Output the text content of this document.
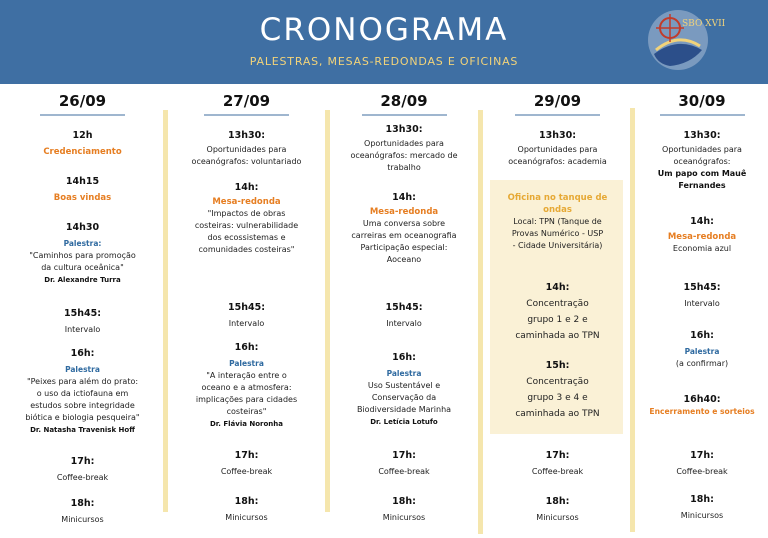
CRONOGRAMA
PALESTRAS, MESAS-REDONDAS E OFICINAS
SBO XVII
26/09
12h
Credenciamento
14h15
Boas vindas
14h30
Palestra:
"Caminhos para promoção
da cultura oceânica"
Dr. Alexandre Turra
15h45:
Intervalo
16h:
Palestra
"Peixes para além do prato:
o uso da ictiofauna em
estudos sobre integridade
biótica e biologia pesqueira"
Dr. Natasha Travenisk Hoff
17h:
Coffee-break
18h:
Minicursos
27/09
13h30:
Oportunidades para
oceanógrafos: voluntariado
14h:
Mesa-redonda
"Impactos de obras
costeiras: vulnerabilidade
dos ecossistemas e
comunidades costeiras"
15h45:
Intervalo
16h:
Palestra
"A interação entre o
oceano e a atmosfera:
implicações para cidades
costeiras"
Dr. Flávia Noronha
17h:
Coffee-break
18h:
Minicursos
28/09
13h30:
Oportunidades para
oceanógrafos: mercado de
trabalho
14h:
Mesa-redonda
Uma conversa sobre
carreiras em oceanografia
Participação especial:
Aoceano
15h45:
Intervalo
16h:
Palestra
Uso Sustentável e
Conservação da
Biodiversidade Marinha
Dr. Letícia Lotufo
17h:
Coffee-break
18h:
Minicursos
29/09
13h30:
Oportunidades para
oceanógrafos: academia
Oficina no tanque de
ondas
Local: TPN (Tanque de
Provas Numérico - USP
- Cidade Universitária)
14h:
Concentração
grupo 1 e 2 e
caminhada ao TPN
15h:
Concentração
grupo 3 e 4 e
caminhada ao TPN
17h:
Coffee-break
18h:
Minicursos
30/09
13h30:
Oportunidades para
oceanógrafos:
Um papo com Mauê
Fernandes
14h:
Mesa-redonda
Economia azul
15h45:
Intervalo
16h:
Palestra
(a confirmar)
16h40:
Encerramento e sorteios
17h:
Coffee-break
18h:
Minicursos
